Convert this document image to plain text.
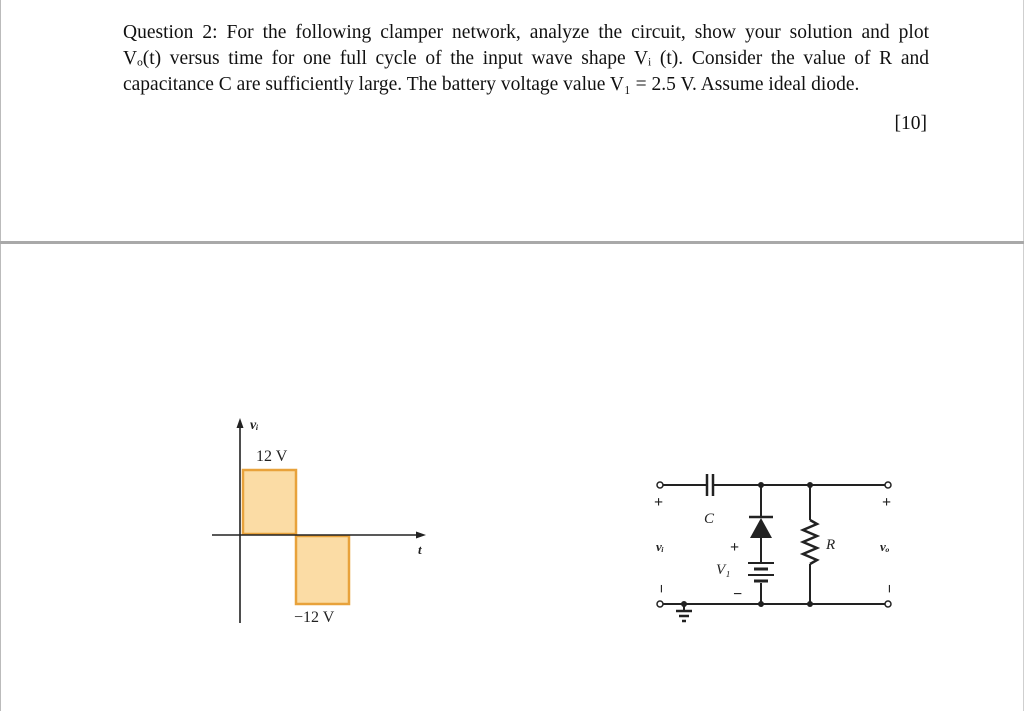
Question 2: For the following clamper network, analyze the circuit, show your solution and plot
Vₒ(t) versus time for one full cycle of the input wave shape Vᵢ (t). Consider the value of R and
capacitance C are sufficiently large. The battery voltage value V₁ = 2.5 V. Assume ideal diode.
[10]
vᵢ
12 V
−12 V
t
+
−
vᵢ
C
+
−
V₁
R
+
vₒ
−
